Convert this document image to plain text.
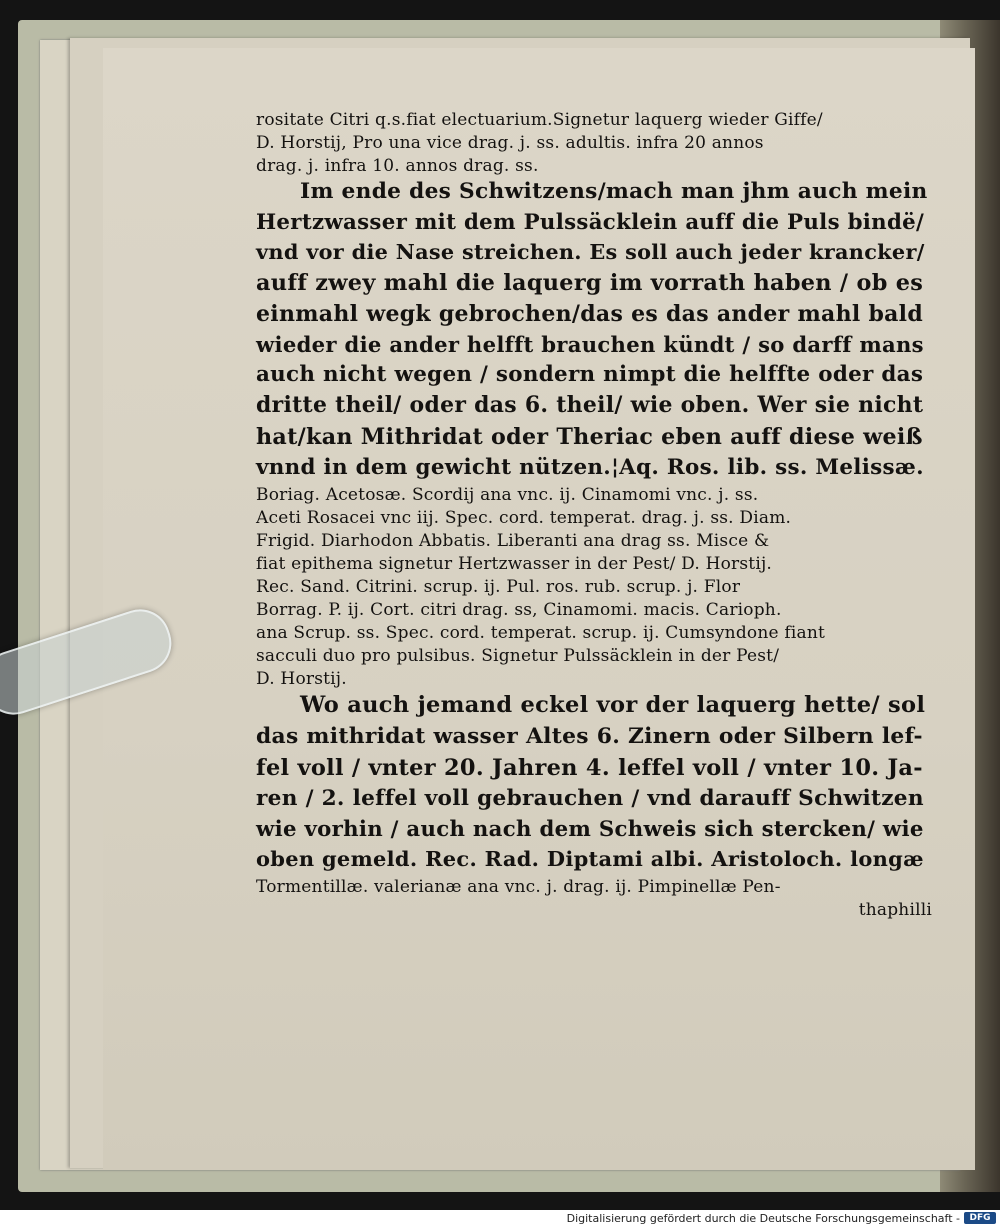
rositate Citri q.s.fiat electuarium.Signetur laquerg wieder Giffe/
D. Horstij, Pro una vice drag. j. ss. adultis. infra 20 annos
drag. j. infra 10. annos drag. ss.
Im ende des Schwitzens/mach man jhm auch mein
Hertzwasser mit dem Pulssäcklein auff die Puls bindë/
vnd vor die Nase streichen. Es soll auch jeder krancker/
auff zwey mahl die laquerg im vorrath haben / ob es
einmahl wegk gebrochen/das es das ander mahl bald
wieder die ander helfft brauchen kündt / so darff mans
auch nicht wegen / sondern nimpt die helffte oder das
dritte theil/ oder das 6. theil/ wie oben. Wer sie nicht
hat/kan Mithridat oder Theriac eben auff diese weiß
vnnd in dem gewicht nützen.¦Aq. Ros. lib. ss. Melissæ.
Boriag. Acetosæ. Scordij ana vnc. ij. Cinamomi vnc. j. ss.
Aceti Rosacei vnc iij. Spec. cord. temperat. drag. j. ss. Diam.
Frigid. Diarhodon Abbatis. Liberanti ana drag ss. Misce &
fiat epithema signetur Hertzwasser in der Pest/ D. Horstij.
Rec. Sand. Citrini. scrup. ij. Pul. ros. rub. scrup. j. Flor
Borrag. P. ij. Cort. citri drag. ss, Cinamomi. macis. Carioph.
ana Scrup. ss. Spec. cord. temperat. scrup. ij. Cumsyndone fiant
sacculi duo pro pulsibus. Signetur Pulssäcklein in der Pest/
D. Horstij.
Wo auch jemand eckel vor der laquerg hette/ sol
das mithridat wasser Altes 6. Zinern oder Silbern lef-
fel voll / vnter 20. Jahren 4. leffel voll / vnter 10. Ja-
ren / 2. leffel voll gebrauchen / vnd darauff Schwitzen
wie vorhin / auch nach dem Schweis sich stercken/ wie
oben gemeld. Rec. Rad. Diptami albi. Aristoloch. longæ
Tormentillæ. valerianæ ana vnc. j. drag. ij. Pimpinellæ Pen-
thaphilli
Digitalisierung gefördert durch die Deutsche Forschungsgemeinschaft -	DFG
